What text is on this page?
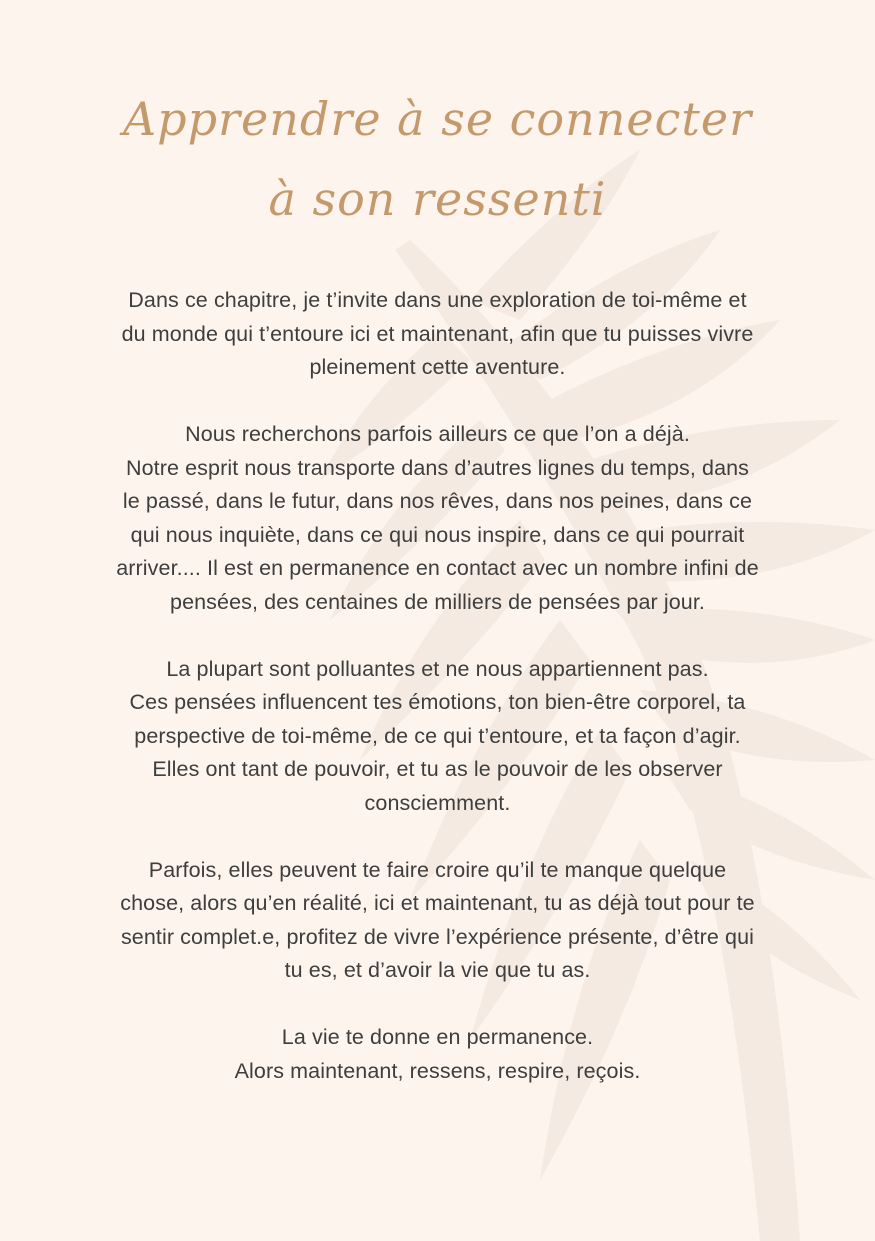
Apprendre à se connecter
à son ressenti

Dans ce chapitre, je t’invite dans une exploration de toi-même et
du monde qui t’entoure ici et maintenant, afin que tu puisses vivre
pleinement cette aventure.

Nous recherchons parfois ailleurs ce que l’on a déjà.
Notre esprit nous transporte dans d’autres lignes du temps, dans
le passé, dans le futur, dans nos rêves, dans nos peines, dans ce
qui nous inquiète, dans ce qui nous inspire, dans ce qui pourrait
arriver.... Il est en permanence en contact avec un nombre infini de
pensées, des centaines de milliers de pensées par jour.

La plupart sont polluantes et ne nous appartiennent pas.
Ces pensées influencent tes émotions, ton bien-être corporel, ta
perspective de toi-même, de ce qui t’entoure, et ta façon d’agir.
Elles ont tant de pouvoir, et tu as le pouvoir de les observer
consciemment.

Parfois, elles peuvent te faire croire qu’il te manque quelque
chose, alors qu’en réalité, ici et maintenant, tu as déjà tout pour te
sentir complet.e, profitez de vivre l’expérience présente, d’être qui
tu es, et d’avoir la vie que tu as.

La vie te donne en permanence.
Alors maintenant, ressens, respire, reçois.
